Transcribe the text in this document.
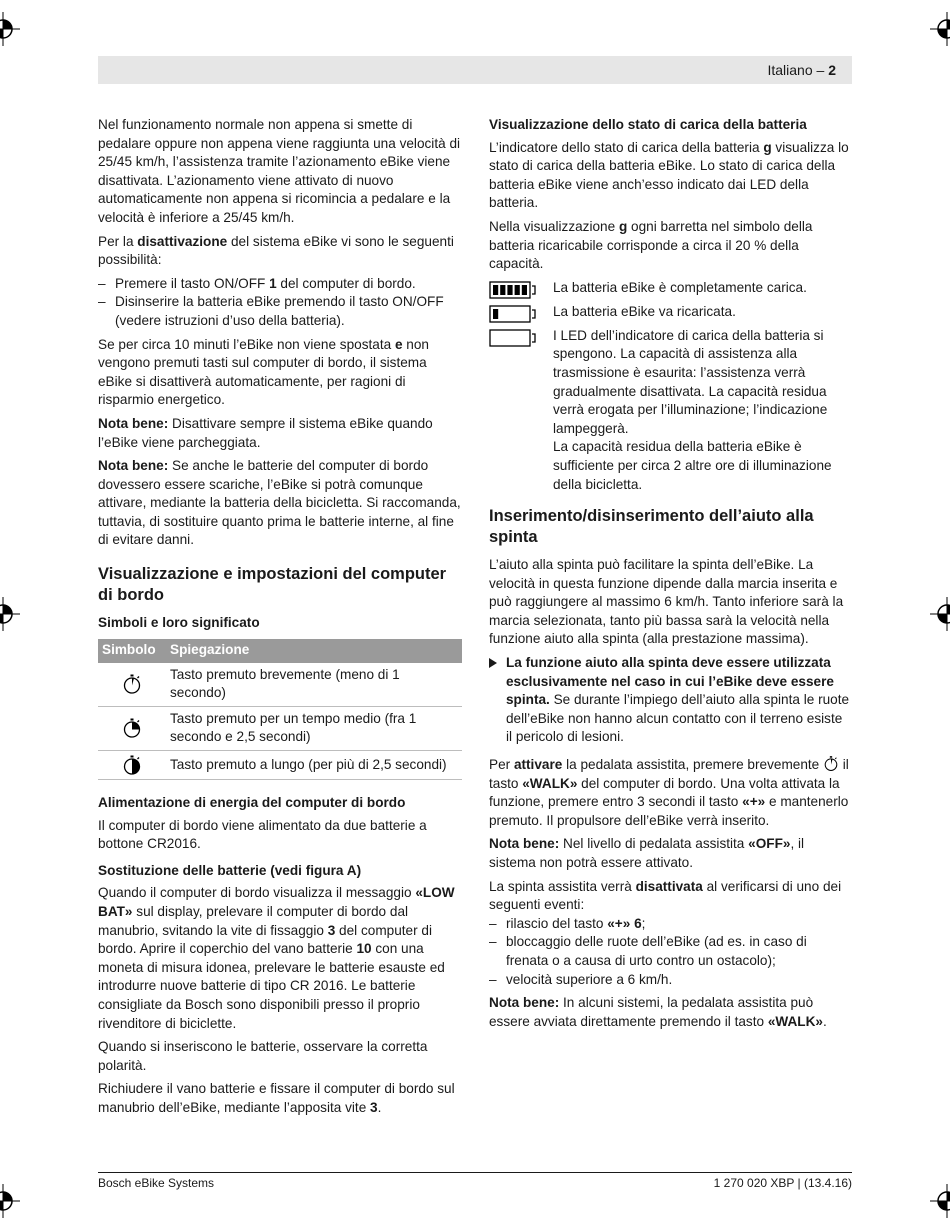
Italiano – 2

Nel funzionamento normale non appena si smette di pedalare oppure non appena viene raggiunta una velocità di 25/45 km/h, l’assistenza tramite l’azionamento eBike viene disattivata. L’azionamento viene attivato di nuovo automaticamente non appena si ricomincia a pedalare e la velocità è inferiore a 25/45 km/h.

Per la disattivazione del sistema eBike vi sono le seguenti possibilità:

– Premere il tasto ON/OFF 1 del computer di bordo.
– Disinserire la batteria eBike premendo il tasto ON/OFF (vedere istruzioni d’uso della batteria).

Se per circa 10 minuti l’eBike non viene spostata e non vengono premuti tasti sul computer di bordo, il sistema eBike si disattiverà automaticamente, per ragioni di risparmio energetico.

Nota bene: Disattivare sempre il sistema eBike quando l’eBike viene parcheggiata.

Nota bene: Se anche le batterie del computer di bordo dovessero essere scariche, l’eBike si potrà comunque attivare, mediante la batteria della bicicletta. Si raccomanda, tuttavia, di sostituire quanto prima le batterie interne, al fine di evitare danni.

Visualizzazione e impostazioni del computer di bordo
Simboli e loro significato
Simbolo	Spiegazione
	Tasto premuto brevemente (meno di 1 secondo)
	Tasto premuto per un tempo medio (fra 1 secondo e 2,5 secondi)
	Tasto premuto a lungo (per più di 2,5 secondi)
Alimentazione di energia del computer di bordo

Il computer di bordo viene alimentato da due batterie a bottone CR2016.

Sostituzione delle batterie (vedi figura A)

Quando il computer di bordo visualizza il messaggio «LOW BAT» sul display, prelevare il computer di bordo dal manubrio, svitando la vite di fissaggio 3 del computer di bordo. Aprire il coperchio del vano batterie 10 con una moneta di misura idonea, prelevare le batterie esauste ed introdurre nuove batterie di tipo CR 2016. Le batterie consigliate da Bosch sono disponibili presso il proprio rivenditore di biciclette.

Quando si inseriscono le batterie, osservare la corretta polarità.

Richiudere il vano batterie e fissare il computer di bordo sul manubrio dell’eBike, mediante l’apposita vite 3.

Visualizzazione dello stato di carica della batteria

L’indicatore dello stato di carica della batteria g visualizza lo stato di carica della batteria eBike. Lo stato di carica della batteria eBike viene anch’esso indicato dai LED della batteria.

Nella visualizzazione g ogni barretta nel simbolo della batteria ricaricabile corrisponde a circa il 20 % della capacità.

La batteria eBike è completamente carica.
La batteria eBike va ricaricata.
I LED dell’indicatore di carica della batteria si spengono. La capacità di assistenza alla trasmissione è esaurita: l’assistenza verrà gradualmente disattivata. La capacità residua verrà erogata per l’illuminazione; l’indicazione lampeggerà.
La capacità residua della batteria eBike è sufficiente per circa 2 altre ore di illuminazione della bicicletta.
Inserimento/disinserimento dell’aiuto alla spinta

L’aiuto alla spinta può facilitare la spinta dell’eBike. La velocità in questa funzione dipende dalla marcia inserita e può raggiungere al massimo 6 km/h. Tanto inferiore sarà la marcia selezionata, tanto più bassa sarà la velocità nella funzione aiuto alla spinta (alla prestazione massima).

La funzione aiuto alla spinta deve essere utilizzata esclusivamente nel caso in cui l’eBike deve essere spinta. Se durante l’impiego dell’aiuto alla spinta le ruote dell’eBike non hanno alcun contatto con il terreno esiste il pericolo di lesioni.

Per attivare la pedalata assistita, premere brevemente  il tasto «WALK» del computer di bordo. Una volta attivata la funzione, premere entro 3 secondi il tasto «+» e mantenerlo premuto. Il propulsore dell’eBike verrà inserito.

Nota bene: Nel livello di pedalata assistita «OFF», il sistema non potrà essere attivato.

La spinta assistita verrà disattivata al verificarsi di uno dei seguenti eventi:

– rilascio del tasto «+» 6;
– bloccaggio delle ruote dell’eBike (ad es. in caso di frenata o a causa di urto contro un ostacolo);
– velocità superiore a 6 km/h.

Nota bene: In alcuni sistemi, la pedalata assistita può essere avviata direttamente premendo il tasto «WALK».

Bosch eBike Systems	1 270 020 XBP | (13.4.16)
